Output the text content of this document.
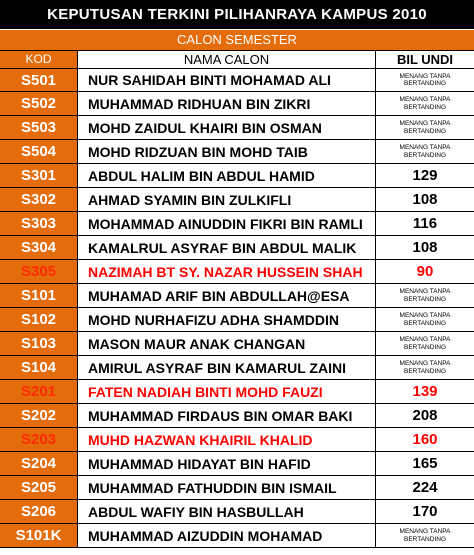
KEPUTUSAN TERKINI PILIHANRAYA KAMPUS 2010
CALON SEMESTER
KOD	NAMA CALON	BIL UNDI
S501	NUR SAHIDAH BINTI MOHAMAD ALI	MENANG TANPA BERTANDING
S502	MUHAMMAD RIDHUAN BIN ZIKRI	MENANG TANPA BERTANDING
S503	MOHD ZAIDUL KHAIRI BIN OSMAN	MENANG TANPA BERTANDING
S504	MOHD RIDZUAN BIN MOHD TAIB	MENANG TANPA BERTANDING
S301	ABDUL HALIM BIN ABDUL HAMID	129
S302	AHMAD SYAMIN BIN ZULKIFLI	108
S303	MOHAMMAD AINUDDIN FIKRI BIN RAMLI	116
S304	KAMALRUL ASYRAF BIN ABDUL MALIK	108
S305	NAZIMAH BT SY. NAZAR HUSSEIN SHAH	90
S101	MUHAMAD ARIF BIN ABDULLAH@ESA	MENANG TANPA BERTANDING
S102	MOHD NURHAFIZU ADHA SHAMDDIN	MENANG TANPA BERTANDING
S103	MASON MAUR ANAK CHANGAN	MENANG TANPA BERTANDING
S104	AMIRUL ASYRAF BIN KAMARUL ZAINI	MENANG TANPA BERTANDING
S201	FATEN NADIAH BINTI MOHD FAUZI	139
S202	MUHAMMAD FIRDAUS BIN OMAR BAKI	208
S203	MUHD HAZWAN KHAIRIL KHALID	160
S204	MUHAMMAD HIDAYAT BIN HAFID	165
S205	MUHAMMAD FATHUDDIN BIN ISMAIL	224
S206	ABDUL WAFIY BIN HASBULLAH	170
S101K	MUHAMMAD AIZUDDIN MOHAMAD	MENANG TANPA BERTANDING
